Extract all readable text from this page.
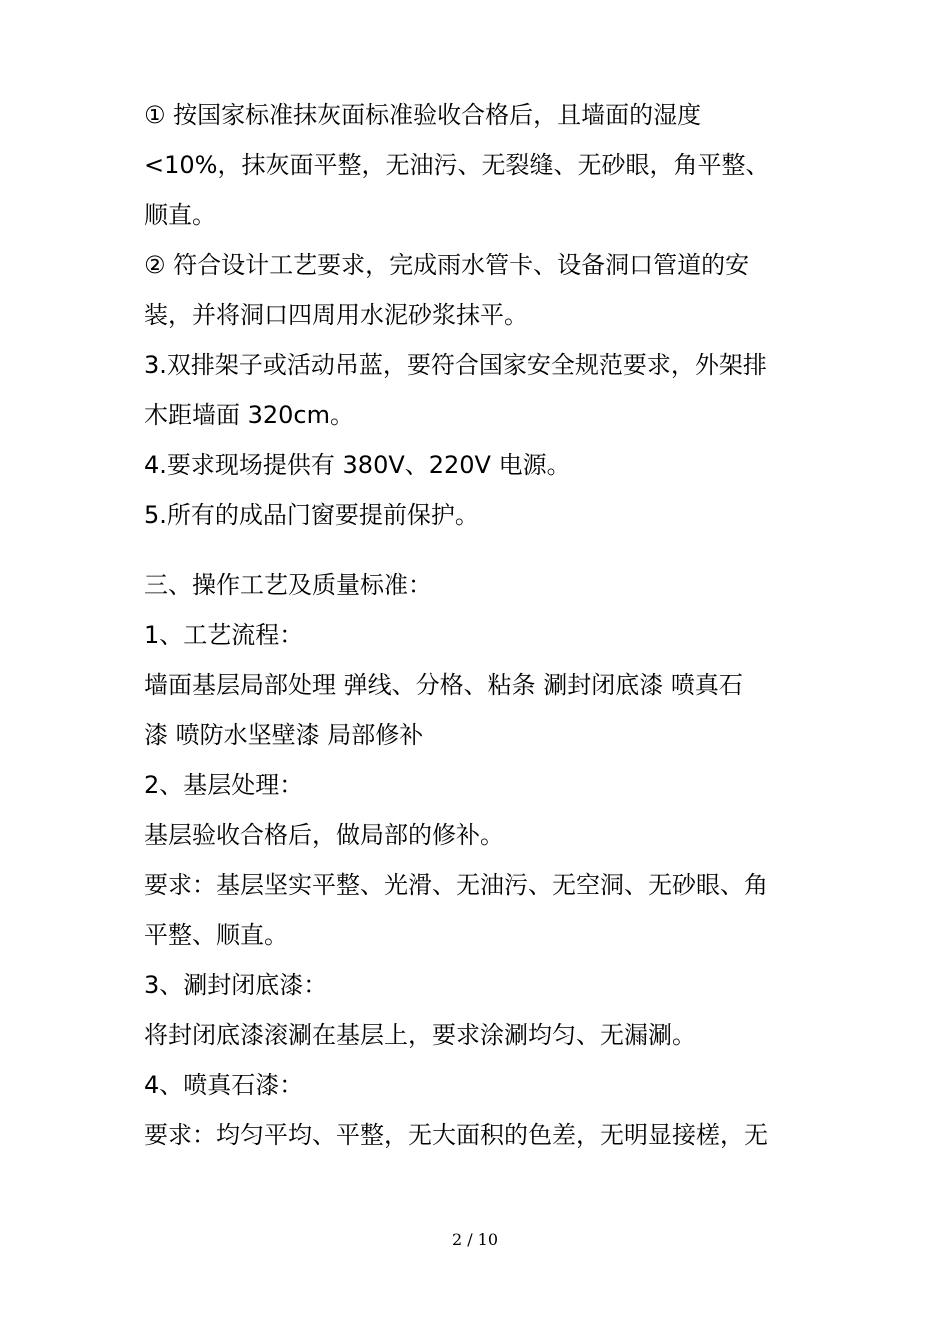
① 按国家标准抹灰面标准验收合格后，且墙面的湿度
<10%，抹灰面平整，无油污、无裂缝、无砂眼，角平整、
顺直。
② 符合设计工艺要求，完成雨水管卡、设备洞口管道的安
装，并将洞口四周用水泥砂浆抹平。
3.双排架子或活动吊蓝，要符合国家安全规范要求，外架排
木距墙面 320cm。
4.要求现场提供有 380V、220V 电源。
5.所有的成品门窗要提前保护。
三、操作工艺及质量标准：
1、工艺流程：
墙面基层局部处理 弹线、分格、粘条 涮封闭底漆 喷真石
漆 喷防水坚壁漆 局部修补
2、基层处理：
基层验收合格后，做局部的修补。
要求：基层坚实平整、光滑、无油污、无空洞、无砂眼、角
平整、顺直。
3、涮封闭底漆：
将封闭底漆滚涮在基层上，要求涂涮均匀、无漏涮。
4、喷真石漆：
要求：均匀平均、平整，无大面积的色差，无明显接槎，无
2 / 10
